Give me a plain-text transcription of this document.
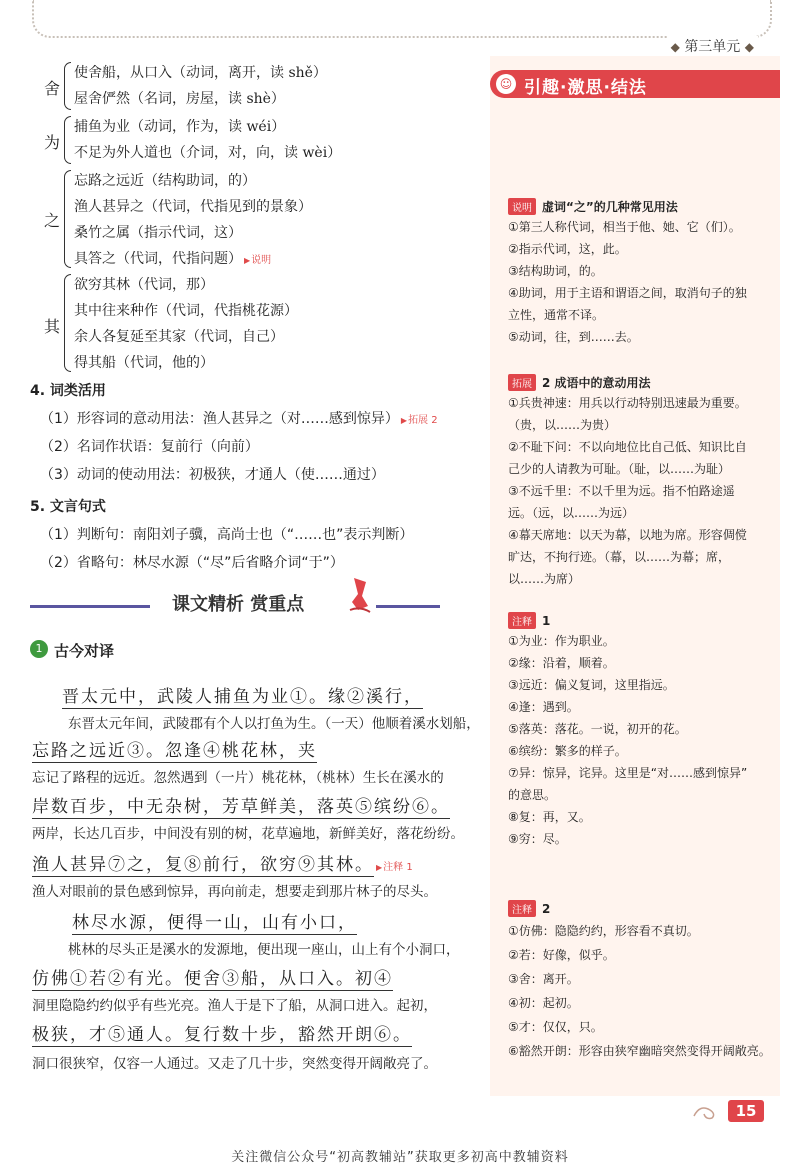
◆ 第三单元 ◆
舍
使舍船，从口入（动词，离开，读 shě）
屋舍俨然（名词，房屋，读 shè）
为
捕鱼为业（动词，作为，读 wéi）
不足为外人道也（介词，对，向，读 wèi）
之
忘路之远近（结构助词，的）
渔人甚异之（代词，代指见到的景象）
桑竹之属（指示代词，这）
具答之（代词，代指问题） ▶ 说明
其
欲穷其林（代词，那）
其中往来种作（代词，代指桃花源）
余人各复延至其家（代词，自己）
得其船（代词，他的）
4. 词类活用
（1）形容词的意动用法：渔人甚异之（对……感到惊异） ▶ 拓展 2
（2）名词作状语：复前行（向前）
（3）动词的使动用法：初极狭，才通人（使……通过）
5. 文言句式
（1）判断句：南阳刘子骥，高尚士也（“……也”表示判断）
（2）省略句：林尽水源（“尽”后省略介词“于”）
课文精析 赏重点
1 古今对译
晋太元中，武陵人捕鱼为业①。缘②溪行，
东晋太元年间，武陵郡有个人以打鱼为生。（一天）他顺着溪水划船，
忘路之远近③。忽逢④桃花林，夹
忘记了路程的远近。忽然遇到（一片）桃花林，（桃林）生长在溪水的
岸数百步，中无杂树，芳草鲜美，落英⑤缤纷⑥。
两岸，长达几百步，中间没有别的树，花草遍地，新鲜美好，落花纷纷。
渔人甚异⑦之，复⑧前行，欲穷⑨其林。 ▶ 注释 1
渔人对眼前的景色感到惊异，再向前走，想要走到那片林子的尽头。
林尽水源，便得一山，山有小口，
桃林的尽头正是溪水的发源地，便出现一座山，山上有个小洞口，
仿佛①若②有光。便舍③船，从口入。初④
洞里隐隐约约似乎有些光亮。渔人于是下了船，从洞口进入。起初，
极狭，才⑤通人。复行数十步，豁然开朗⑥。
洞口很狭窄，仅容一人通过。又走了几十步，突然变得开阔敞亮了。
☺ 引趣·激思·结法
说明 虚词“之”的几种常见用法
①第三人称代词，相当于他、她、它（们）。
②指示代词，这，此。
③结构助词，的。
④助词，用于主语和谓语之间，取消句子的独
立性，通常不译。
⑤动词，往，到……去。
拓展 2 成语中的意动用法
①兵贵神速：用兵以行动特别迅速最为重要。
（贵，以……为贵）
②不耻下问：不以向地位比自己低、知识比自
己少的人请教为可耻。（耻，以……为耻）
③不远千里：不以千里为远。指不怕路途遥
远。（远，以……为远）
④幕天席地：以天为幕，以地为席。形容倜傥
旷达，不拘行迹。（幕，以……为幕；席，
以……为席）
注释 1
①为业：作为职业。
②缘：沿着，顺着。
③远近：偏义复词，这里指远。
④逢：遇到。
⑤落英：落花。一说，初开的花。
⑥缤纷：繁多的样子。
⑦异：惊异，诧异。这里是“对……感到惊异”
的意思。
⑧复：再，又。
⑨穷：尽。
注释 2
①仿佛：隐隐约约，形容看不真切。
②若：好像，似乎。
③舍：离开。
④初：起初。
⑤才：仅仅，只。
⑥豁然开朗：形容由狭窄幽暗突然变得开阔敞亮。
15
关注微信公众号“初高教辅站”获取更多初高中教辅资料
